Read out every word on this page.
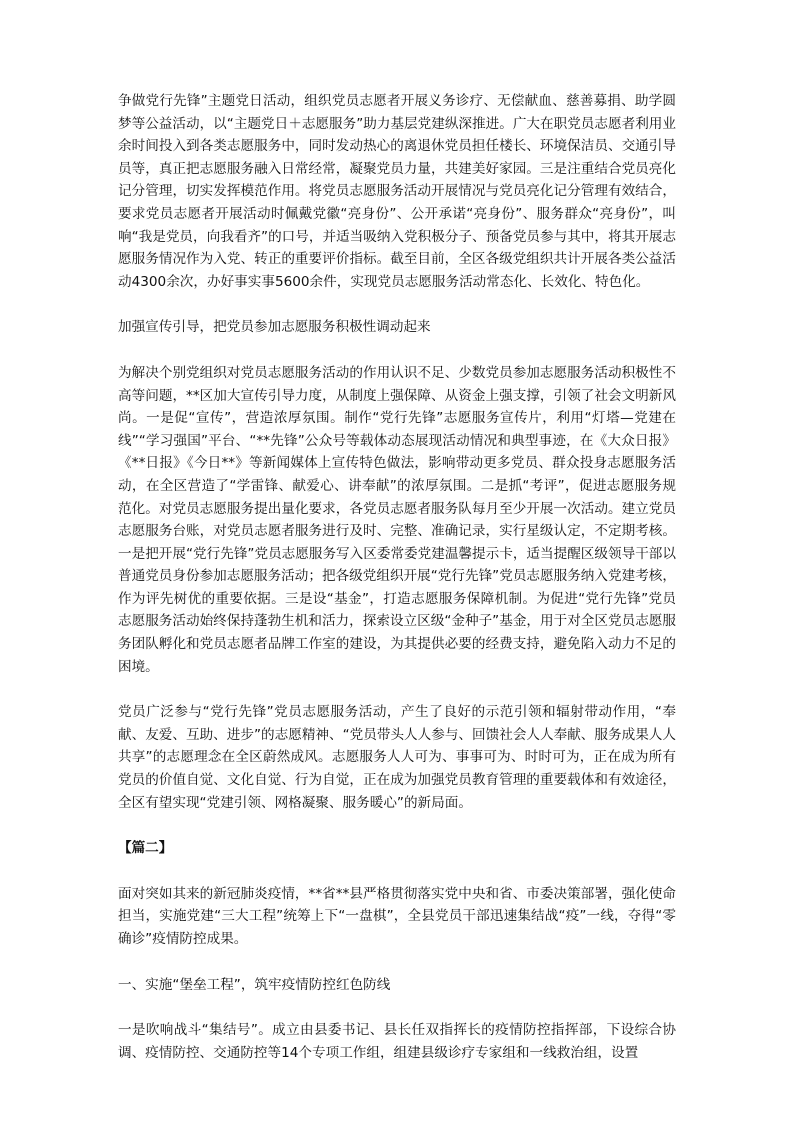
争做党行先锋”主题党日活动，组织党员志愿者开展义务诊疗、无偿献血、慈善募捐、助学圆梦等公益活动，以“主题党日＋志愿服务”助力基层党建纵深推进。广大在职党员志愿者利用业余时间投入到各类志愿服务中，同时发动热心的离退休党员担任楼长、环境保洁员、交通引导员等，真正把志愿服务融入日常经常，凝聚党员力量，共建美好家园。三是注重结合党员亮化记分管理，切实发挥模范作用。将党员志愿服务活动开展情况与党员亮化记分管理有效结合，要求党员志愿者开展活动时佩戴党徽“亮身份”、公开承诺“亮身份”、服务群众“亮身份”，叫响“我是党员，向我看齐”的口号，并适当吸纳入党积极分子、预备党员参与其中，将其开展志愿服务情况作为入党、转正的重要评价指标。截至目前，全区各级党组织共计开展各类公益活动4300余次，办好事实事5600余件，实现党员志愿服务活动常态化、长效化、特色化。

加强宣传引导，把党员参加志愿服务积极性调动起来

为解决个别党组织对党员志愿服务活动的作用认识不足、少数党员参加志愿服务活动积极性不高等问题，**区加大宣传引导力度，从制度上强保障、从资金上强支撑，引领了社会文明新风尚。一是促“宣传”，营造浓厚氛围。制作“党行先锋”志愿服务宣传片，利用“灯塔—党建在线”“学习强国”平台、“**先锋”公众号等载体动态展现活动情况和典型事迹，在《大众日报》《**日报》《今日**》等新闻媒体上宣传特色做法，影响带动更多党员、群众投身志愿服务活动，在全区营造了“学雷锋、献爱心、讲奉献”的浓厚氛围。二是抓“考评”，促进志愿服务规范化。对党员志愿服务提出量化要求，各党员志愿者服务队每月至少开展一次活动。建立党员志愿服务台账，对党员志愿者服务进行及时、完整、准确记录，实行星级认定，不定期考核。一是把开展“党行先锋”党员志愿服务写入区委常委党建温馨提示卡，适当提醒区级领导干部以普通党员身份参加志愿服务活动；把各级党组织开展“党行先锋”党员志愿服务纳入党建考核，作为评先树优的重要依据。三是设“基金”，打造志愿服务保障机制。为促进“党行先锋”党员志愿服务活动始终保持蓬勃生机和活力，探索设立区级“金种子”基金，用于对全区党员志愿服务团队孵化和党员志愿者品牌工作室的建设，为其提供必要的经费支持，避免陷入动力不足的困境。

党员广泛参与“党行先锋”党员志愿服务活动，产生了良好的示范引领和辐射带动作用，“奉献、友爱、互助、进步”的志愿精神、“党员带头人人参与、回馈社会人人奉献、服务成果人人共享”的志愿理念在全区蔚然成风。志愿服务人人可为、事事可为、时时可为，正在成为所有党员的价值自觉、文化自觉、行为自觉，正在成为加强党员教育管理的重要载体和有效途径，全区有望实现“党建引领、网格凝聚、服务暖心”的新局面。

【篇二】

面对突如其来的新冠肺炎疫情，**省**县严格贯彻落实党中央和省、市委决策部署，强化使命担当，实施党建“三大工程”统筹上下“一盘棋”，全县党员干部迅速集结战“疫”一线，夺得“零确诊”疫情防控成果。

一、实施“堡垒工程”，筑牢疫情防控红色防线

一是吹响战斗“集结号”。成立由县委书记、县长任双指挥长的疫情防控指挥部，下设综合协调、疫情防控、交通防控等14个专项工作组，组建县级诊疗专家组和一线救治组，设置
